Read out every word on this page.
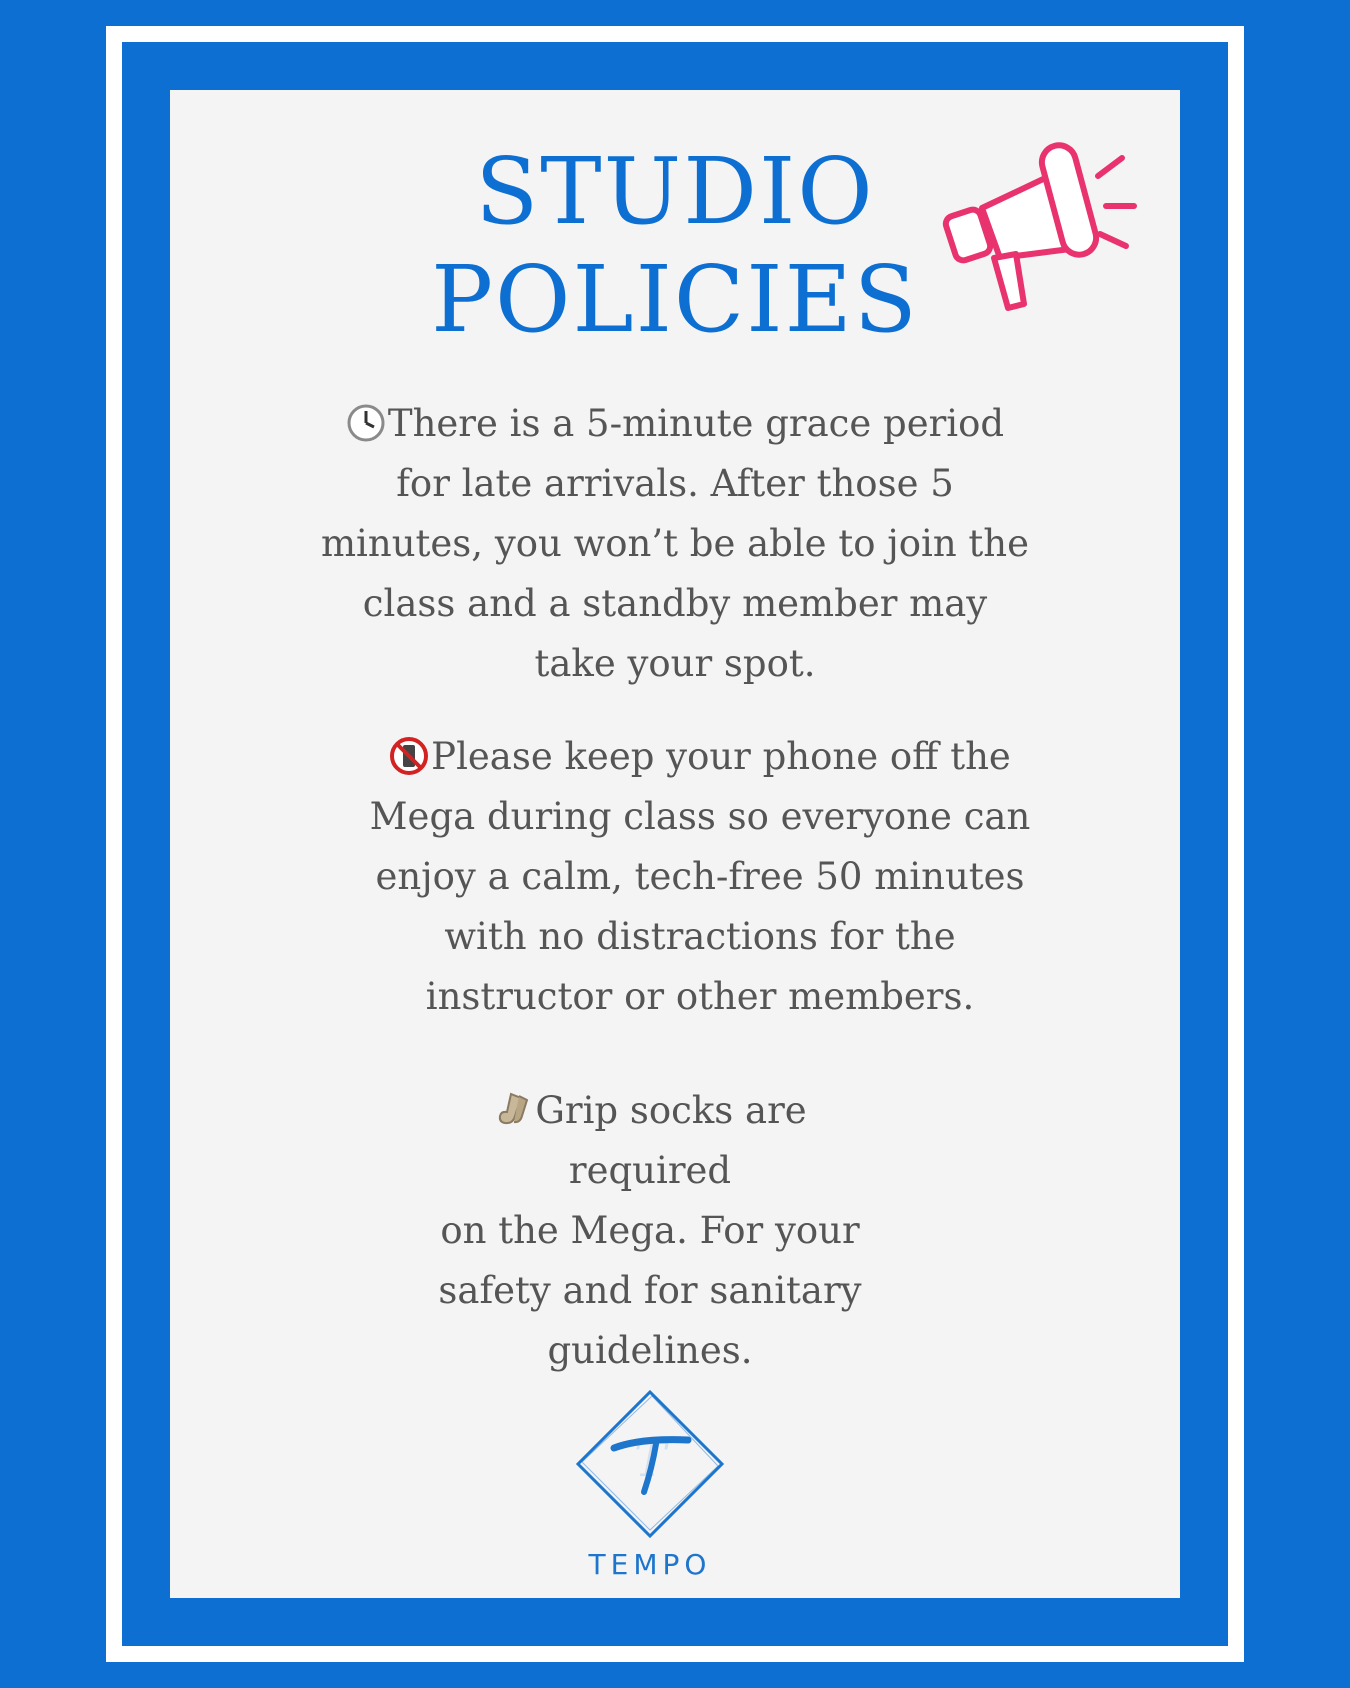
STUDIO
POLICIES
There is a 5-minute grace period
for late arrivals. After those 5
minutes, you won’t be able to join the
class and a standby member may
take your spot.
Please keep your phone off the
Mega during class so everyone can
enjoy a calm, tech-free 50 minutes
with no distractions for the
instructor or other members.
Grip socks are required
on the Mega. For your
safety and for sanitary
guidelines.
T
TEMPO
